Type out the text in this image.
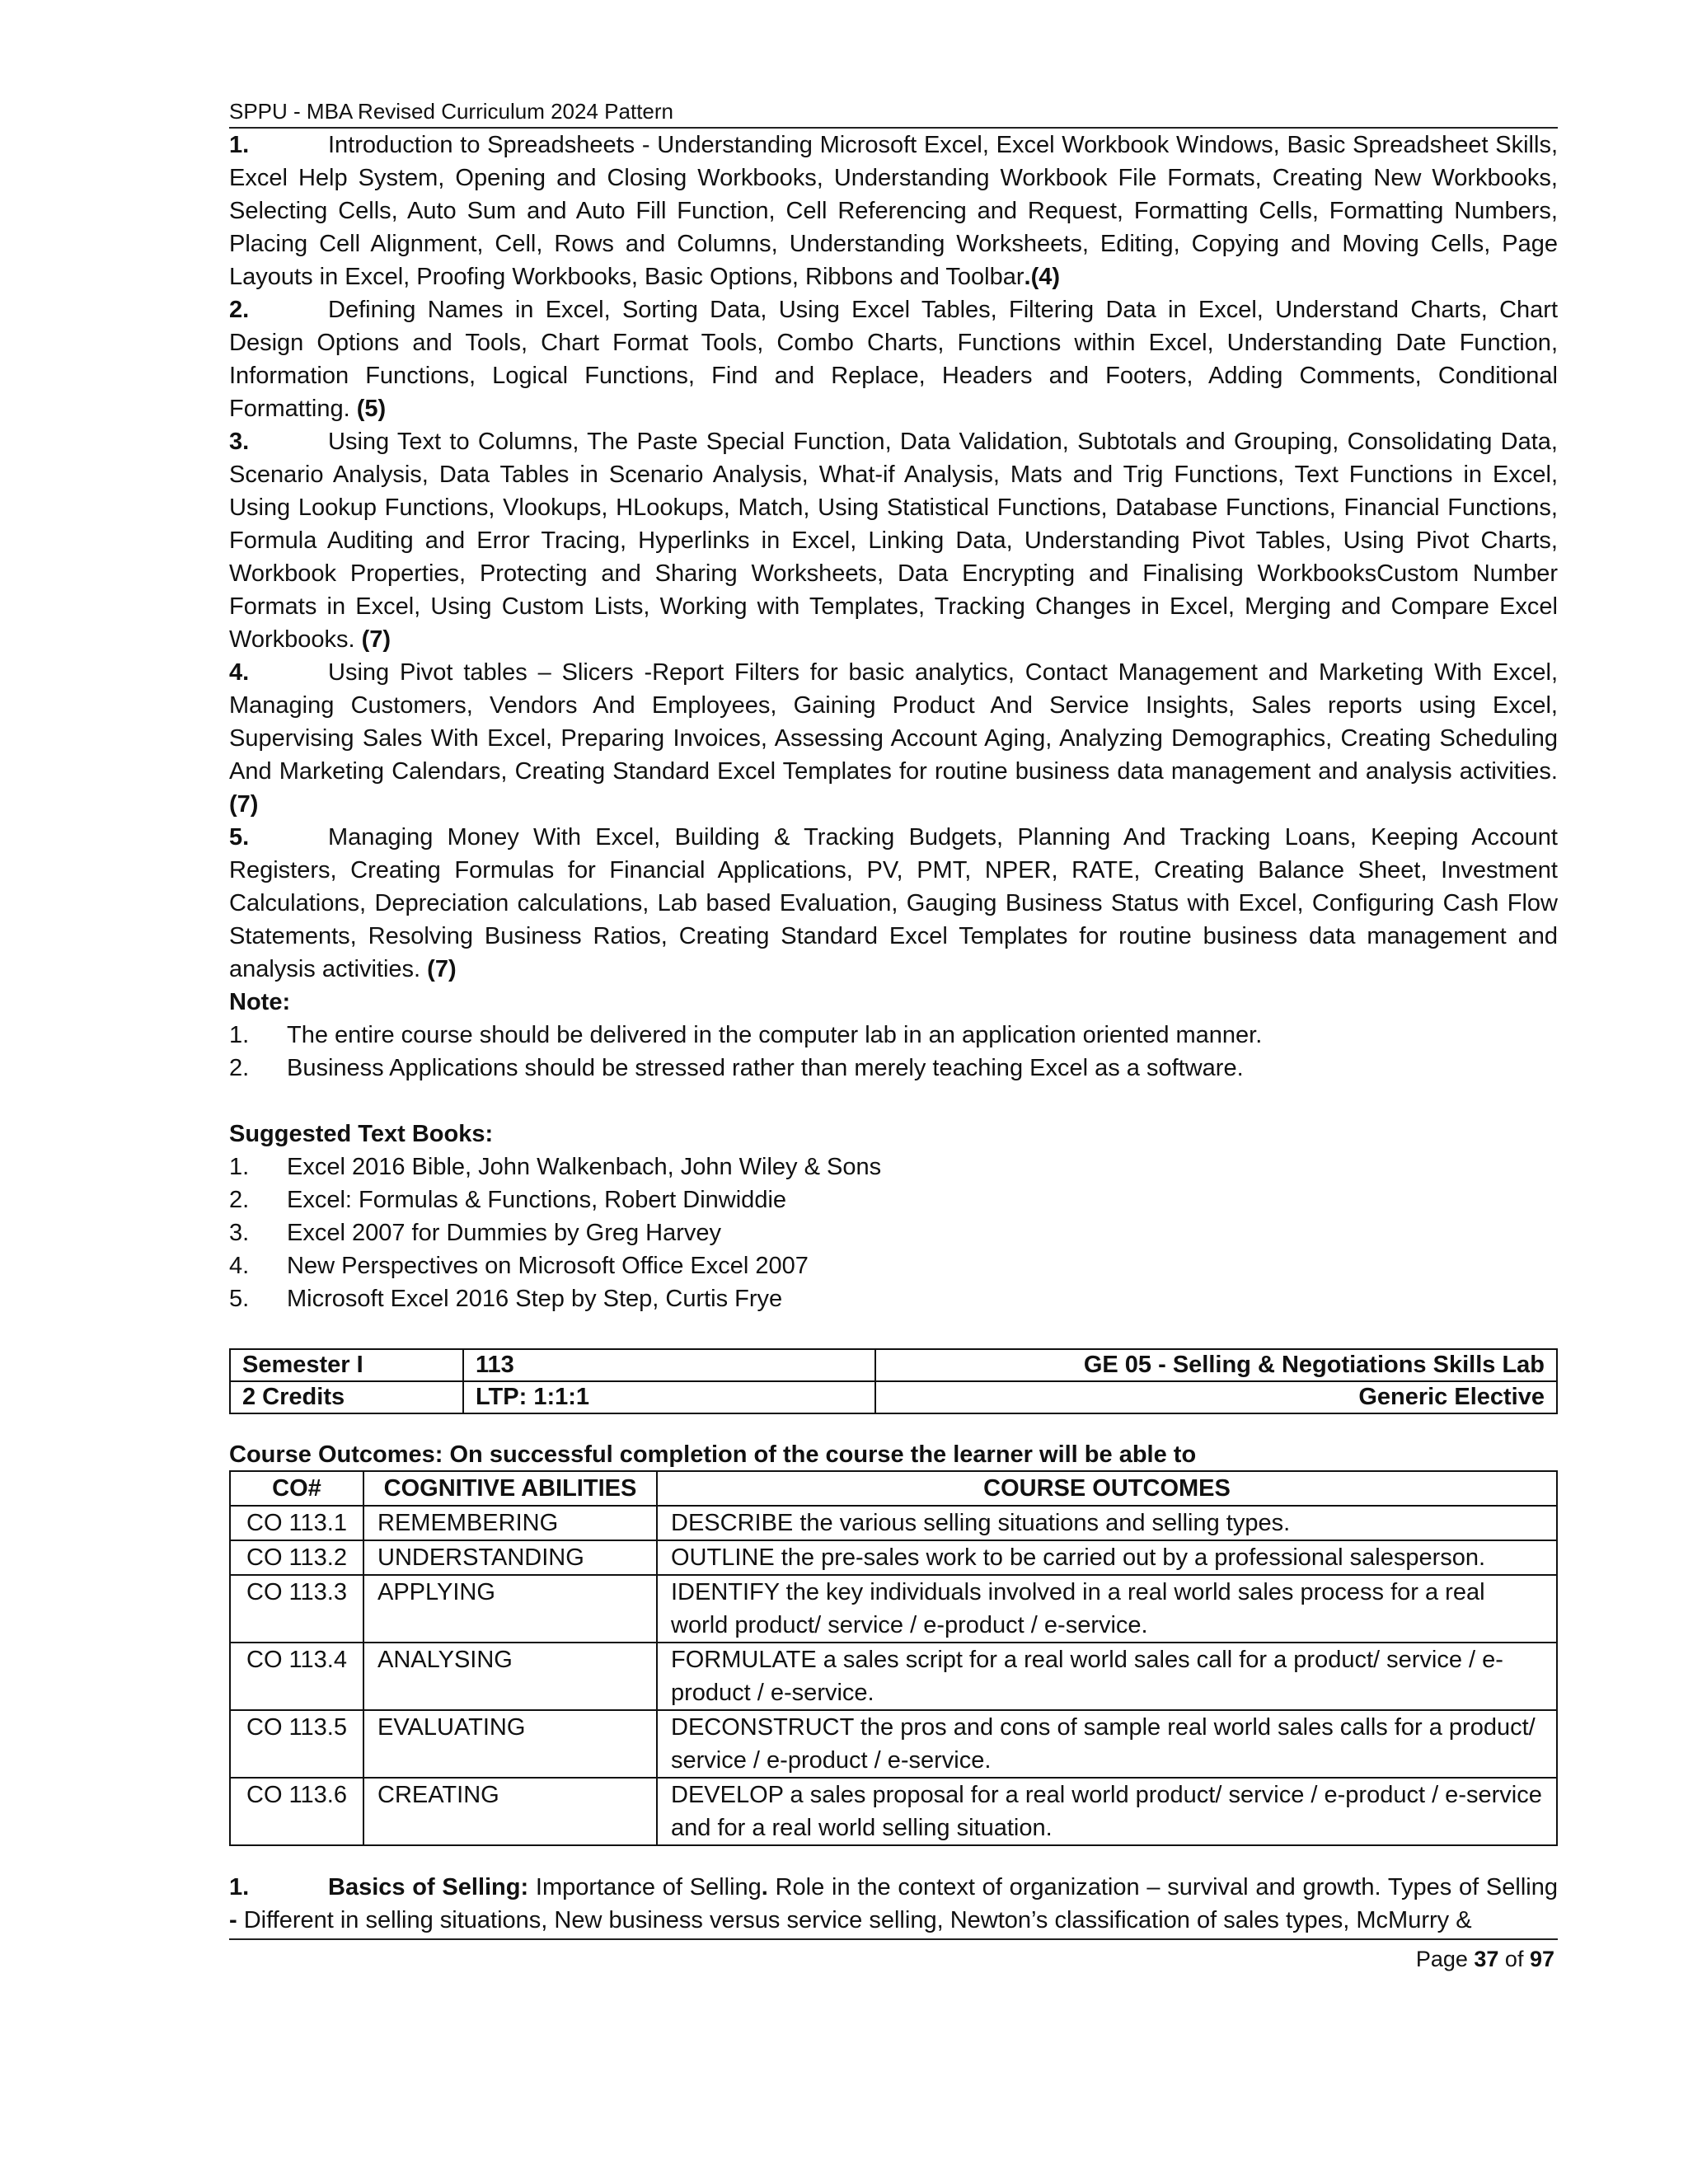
SPPU - MBA Revised Curriculum 2024 Pattern

1.	Introduction to Spreadsheets - Understanding Microsoft Excel, Excel Workbook Windows, Basic Spreadsheet Skills, Excel Help System, Opening and Closing Workbooks, Understanding Workbook File Formats, Creating New Workbooks, Selecting Cells, Auto Sum and Auto Fill Function, Cell Referencing and Request, Formatting Cells, Formatting Numbers, Placing Cell Alignment, Cell, Rows and Columns, Understanding Worksheets, Editing, Copying and Moving Cells, Page Layouts in Excel, Proofing Workbooks, Basic Options, Ribbons and Toolbar.(4)

2.	Defining Names in Excel, Sorting Data, Using Excel Tables, Filtering Data in Excel, Understand Charts, Chart Design Options and Tools, Chart Format Tools, Combo Charts, Functions within Excel, Understanding Date Function, Information Functions, Logical Functions, Find and Replace, Headers and Footers, Adding Comments, Conditional Formatting. (5)

3.	Using Text to Columns, The Paste Special Function, Data Validation, Subtotals and Grouping, Consolidating Data, Scenario Analysis, Data Tables in Scenario Analysis, What-if Analysis, Mats and Trig Functions, Text Functions in Excel, Using Lookup Functions, Vlookups, HLookups, Match, Using Statistical Functions, Database Functions, Financial Functions, Formula Auditing and Error Tracing, Hyperlinks in Excel, Linking Data, Understanding Pivot Tables, Using Pivot Charts, Workbook Properties, Protecting and Sharing Worksheets, Data Encrypting and Finalising WorkbooksCustom Number Formats in Excel, Using Custom Lists, Working with Templates, Tracking Changes in Excel, Merging and Compare Excel Workbooks. (7)

4.	Using Pivot tables – Slicers -Report Filters for basic analytics, Contact Management and Marketing With Excel, Managing Customers, Vendors And Employees, Gaining Product And Service Insights, Sales reports using Excel, Supervising Sales With Excel, Preparing Invoices, Assessing Account Aging, Analyzing Demographics, Creating Scheduling And Marketing Calendars, Creating Standard Excel Templates for routine business data management and analysis activities. (7)

5.	Managing Money With Excel, Building & Tracking Budgets, Planning And Tracking Loans, Keeping Account Registers, Creating Formulas for Financial Applications, PV, PMT, NPER, RATE, Creating Balance Sheet, Investment Calculations, Depreciation calculations, Lab based Evaluation, Gauging Business Status with Excel, Configuring Cash Flow Statements, Resolving Business Ratios, Creating Standard Excel Templates for routine business data management and analysis activities. (7)

Note:
1.	The entire course should be delivered in the computer lab in an application oriented manner.
2.	Business Applications should be stressed rather than merely teaching Excel as a software.
Suggested Text Books:
1.	Excel 2016 Bible, John Walkenbach, John Wiley & Sons
2.	Excel: Formulas & Functions, Robert Dinwiddie
3.	Excel 2007 for Dummies by Greg Harvey
4.	New Perspectives on Microsoft Office Excel 2007
5.	Microsoft Excel 2016 Step by Step, Curtis Frye
Semester I	113	GE 05 - Selling & Negotiations Skills Lab
2 Credits	LTP: 1:1:1	Generic Elective
Course Outcomes: On successful completion of the course the learner will be able to
CO#	COGNITIVE ABILITIES	COURSE OUTCOMES
CO 113.1	REMEMBERING	DESCRIBE the various selling situations and selling types.
CO 113.2	UNDERSTANDING	OUTLINE the pre-sales work to be carried out by a professional salesperson.
CO 113.3	APPLYING	IDENTIFY the key individuals involved in a real world sales process for a real world product/ service / e-product / e-service.
CO 113.4	ANALYSING	FORMULATE a sales script for a real world sales call for a product/ service / e-product / e-service.
CO 113.5	EVALUATING	DECONSTRUCT the pros and cons of sample real world sales calls for a product/ service / e-product / e-service.
CO 113.6	CREATING	DEVELOP a sales proposal for a real world product/ service / e-product / e-service and for a real world selling situation.

1.	Basics of Selling: Importance of Selling. Role in the context of organization – survival and growth. Types of Selling - Different in selling situations, New business versus service selling, Newton’s classification of sales types, McMurry &

Page 37 of 97
